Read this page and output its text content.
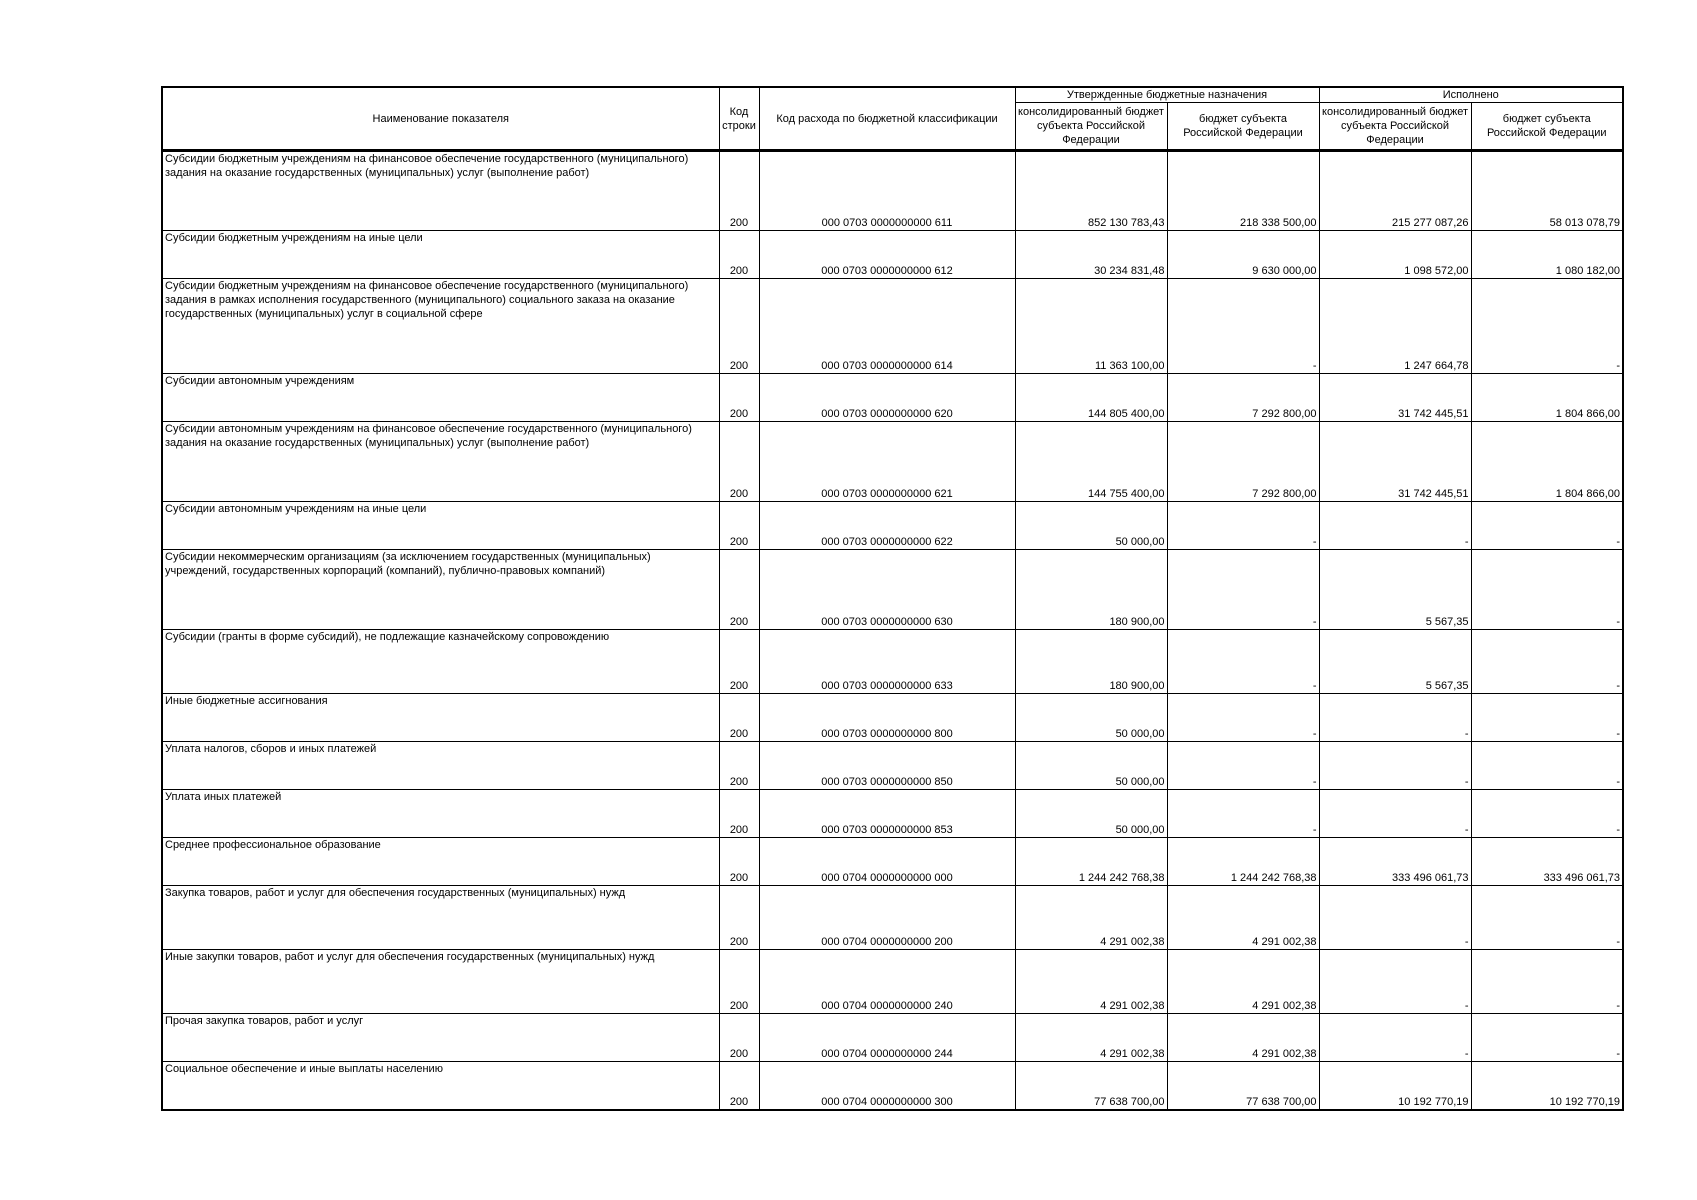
Наименование показателя	Код строки	Код расхода по бюджетной классификации	Утвержденные бюджетные назначения		Исполнено	
			консолидированный бюджет субъекта Российской Федерации	бюджет субъекта Российской Федерации	консолидированный бюджет субъекта Российской Федерации	бюджет субъекта Российской Федерации
Субсидии бюджетным учреждениям на финансовое обеспечение государственного (муниципального) задания на оказание государственных (муниципальных) услуг (выполнение работ)	200	000 0703 0000000000 611	852 130 783,43	218 338 500,00	215 277 087,26	58 013 078,79
Субсидии бюджетным учреждениям на иные цели	200	000 0703 0000000000 612	30 234 831,48	9 630 000,00	1 098 572,00	1 080 182,00
Субсидии бюджетным учреждениям на финансовое обеспечение государственного (муниципального) задания в рамках исполнения государственного (муниципального) социального заказа на оказание государственных (муниципальных) услуг в социальной сфере	200	000 0703 0000000000 614	11 363 100,00	-	1 247 664,78	-
Субсидии автономным учреждениям	200	000 0703 0000000000 620	144 805 400,00	7 292 800,00	31 742 445,51	1 804 866,00
Субсидии автономным учреждениям на финансовое обеспечение государственного (муниципального) задания на оказание государственных (муниципальных) услуг (выполнение работ)	200	000 0703 0000000000 621	144 755 400,00	7 292 800,00	31 742 445,51	1 804 866,00
Субсидии автономным учреждениям на иные цели	200	000 0703 0000000000 622	50 000,00	-	-	-
Субсидии некоммерческим организациям (за исключением государственных (муниципальных) учреждений, государственных корпораций (компаний), публично-правовых компаний)	200	000 0703 0000000000 630	180 900,00	-	5 567,35	-
Субсидии (гранты в форме субсидий), не подлежащие казначейскому сопровождению	200	000 0703 0000000000 633	180 900,00	-	5 567,35	-
Иные бюджетные ассигнования	200	000 0703 0000000000 800	50 000,00	-	-	-
Уплата налогов, сборов и иных платежей	200	000 0703 0000000000 850	50 000,00	-	-	-
Уплата иных платежей	200	000 0703 0000000000 853	50 000,00	-	-	-
Среднее профессиональное образование	200	000 0704 0000000000 000	1 244 242 768,38	1 244 242 768,38	333 496 061,73	333 496 061,73
Закупка товаров, работ и услуг для обеспечения государственных (муниципальных) нужд	200	000 0704 0000000000 200	4 291 002,38	4 291 002,38	-	-
Иные закупки товаров, работ и услуг для обеспечения государственных (муниципальных) нужд	200	000 0704 0000000000 240	4 291 002,38	4 291 002,38	-	-
Прочая закупка товаров, работ и услуг	200	000 0704 0000000000 244	4 291 002,38	4 291 002,38	-	-
Социальное обеспечение и иные выплаты населению	200	000 0704 0000000000 300	77 638 700,00	77 638 700,00	10 192 770,19	10 192 770,19
